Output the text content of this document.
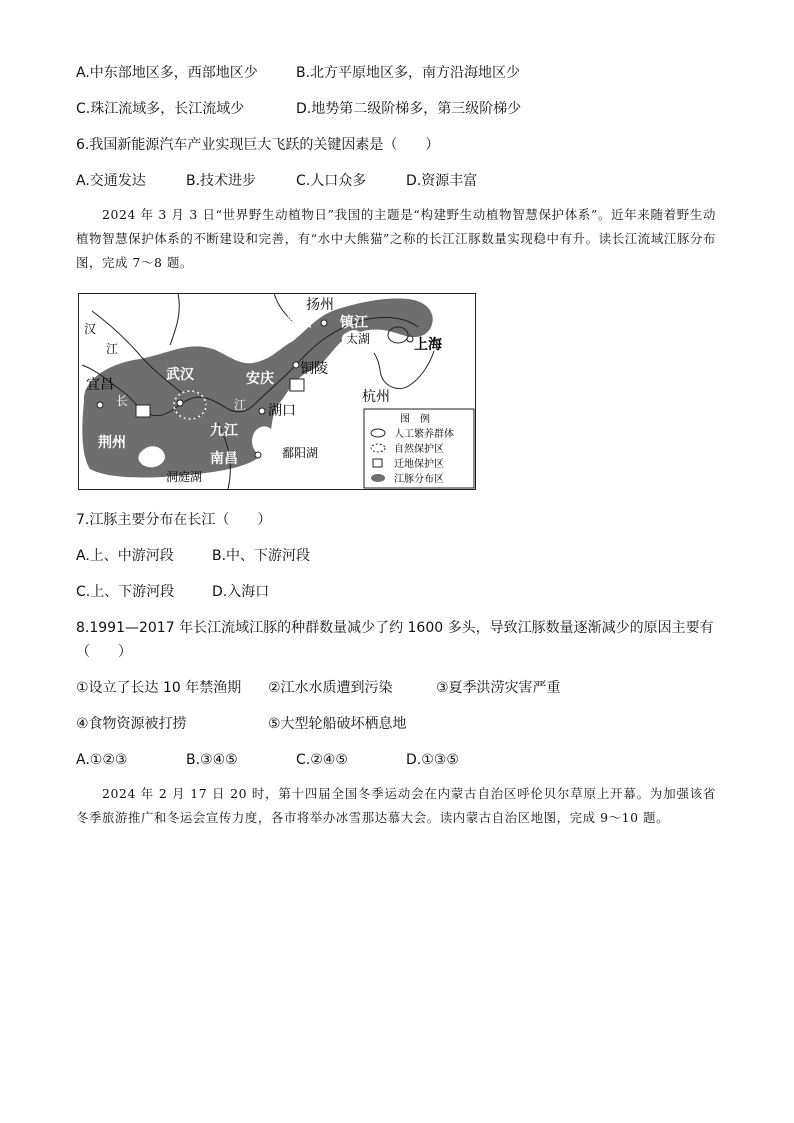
A.中东部地区多，西部地区少	B.北方平原地区多，南方沿海地区少
C.珠江流域多，长江流域少	D.地势第二级阶梯多，第三级阶梯少
6.我国新能源汽车产业实现巨大飞跃的关键因素是（　　）
A.交通发达	B.技术进步	C.人口众多	D.资源丰富

2024 年 3 月 3 日“世界野生动植物日”我国的主题是“构建野生动植物智慧保护体系”。近年来随着野生动植物智慧保护体系的不断建设和完善，有“水中大熊猫”之称的长江江豚数量实现稳中有升。读长江流域江豚分布图，完成 7～8 题。

扬州
南京 镇江
太湖	上海
杭州
武汉	安庆
铜陵
宜昌
荆州
九江
湖口
南昌	鄱阳湖
洞庭湖
汉
江
长	江
图　例
人工繁养群体
自然保护区
迁地保护区
江豚分布区
7.江豚主要分布在长江（　　）
A.上、中游河段	B.中、下游河段
C.上、下游河段	D.入海口
8.1991—2017 年长江流域江豚的种群数量减少了约 1600 多头，导致江豚数量逐渐减少的原因主要有
（　　）
①设立了长达 10 年禁渔期 ②江水水质遭到污染	③夏季洪涝灾害严重
④食物资源被打捞	⑤大型轮船破坏栖息地
A.①②③	B.③④⑤	C.②④⑤	D.①③⑤

2024 年 2 月 17 日 20 时，第十四届全国冬季运动会在内蒙古自治区呼伦贝尔草原上开幕。为加强该省冬季旅游推广和冬运会宣传力度，各市将举办冰雪那达慕大会。读内蒙古自治区地图，完成 9～10 题。
